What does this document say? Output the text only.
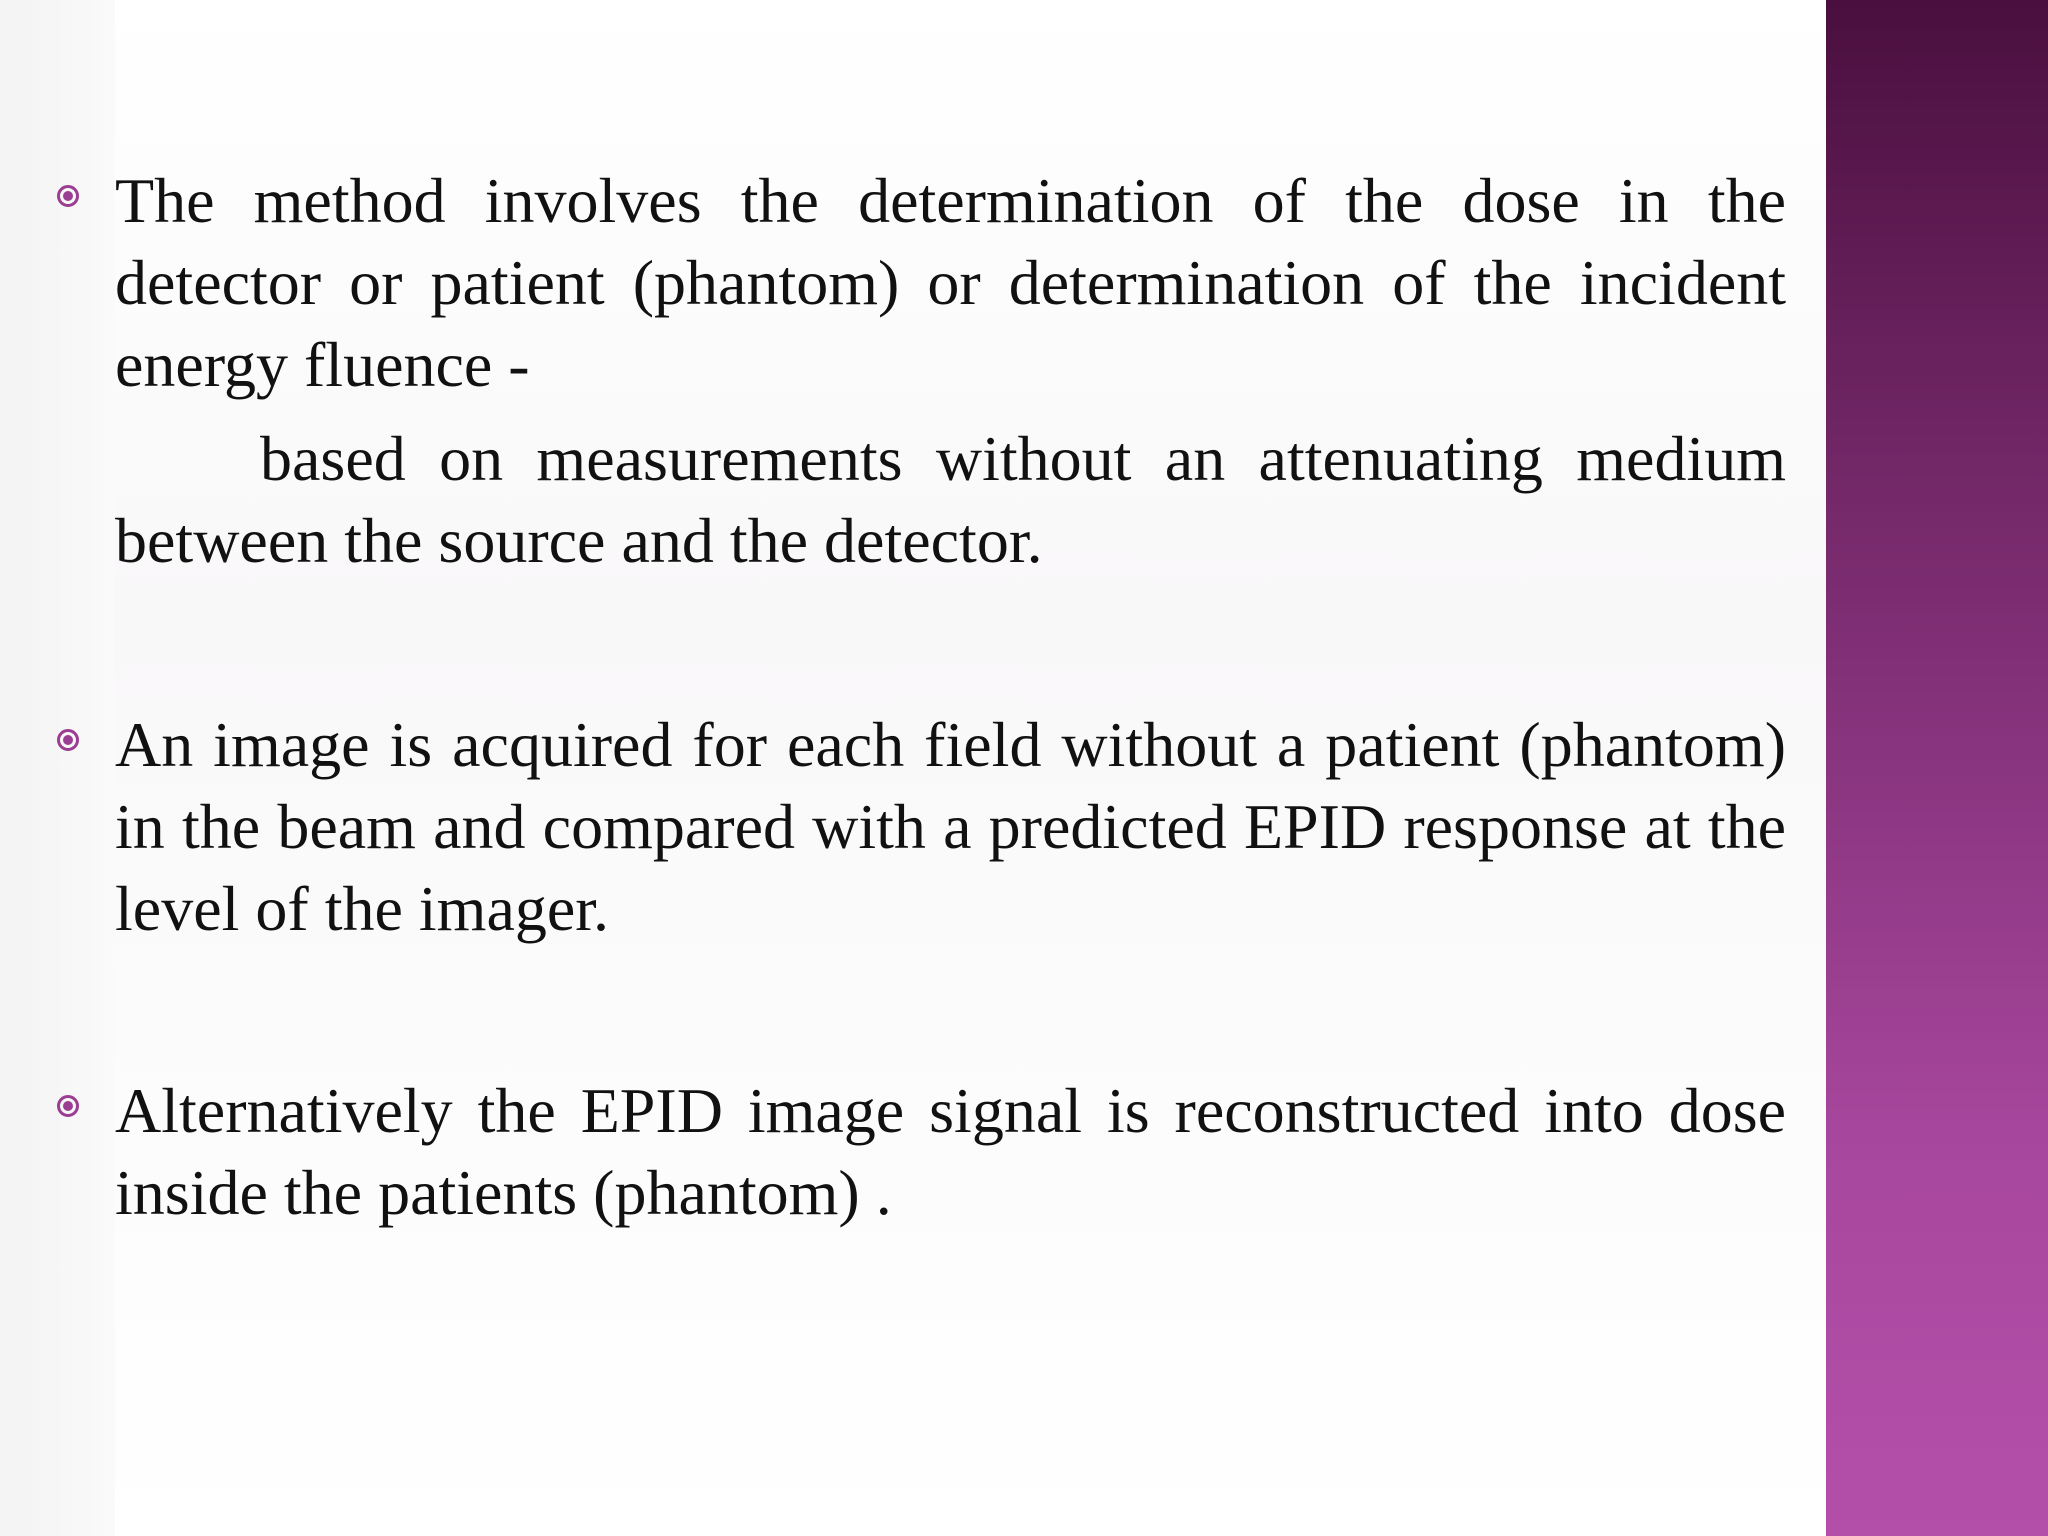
The method involves the determination of the dose in the detector or patient (phantom) or determination of the incident energy fluence -

based on measurements without an attenuating medium between the source and the detector.

An image is acquired for each field without a patient (phantom) in the beam and compared with a predicted EPID response at the level of the imager.

Alternatively the EPID image signal is reconstructed into dose inside the patients (phantom) .
